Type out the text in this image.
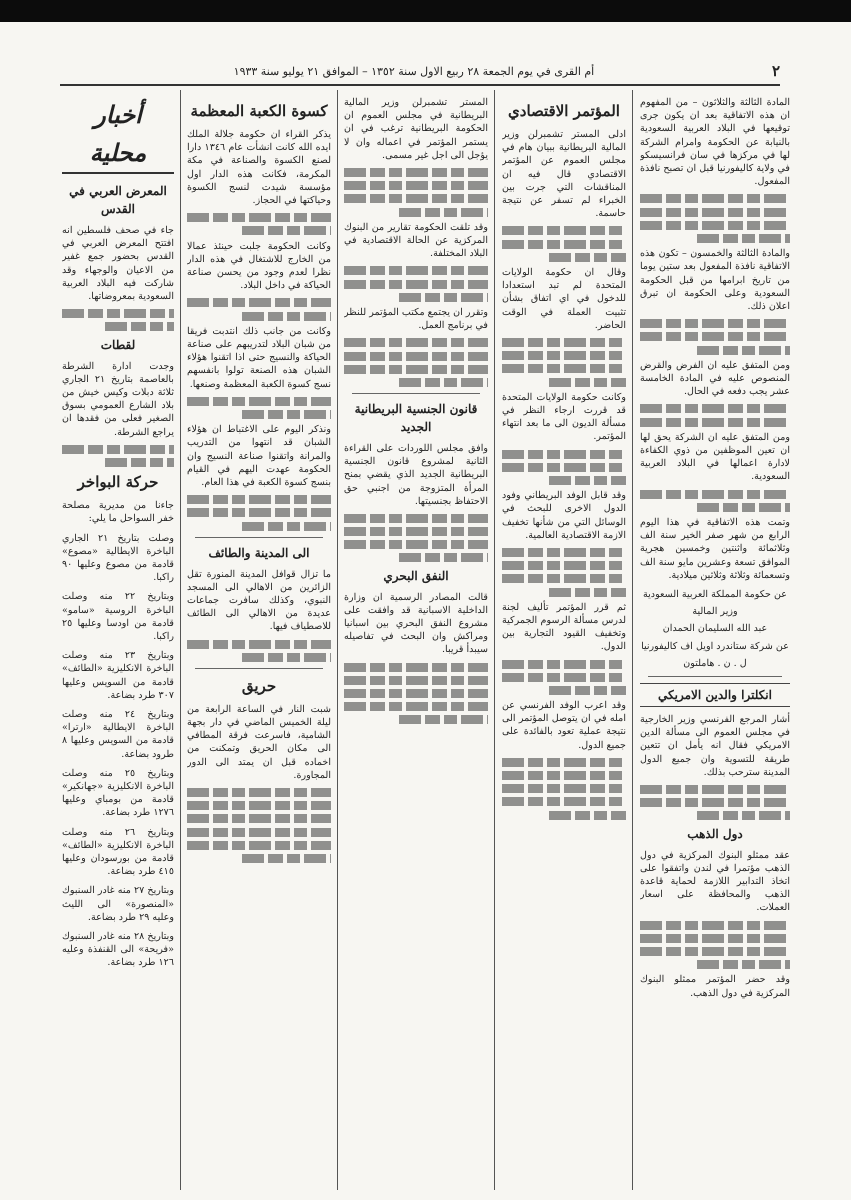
٢
أم القرى في يوم الجمعة ٢٨ ربيع الاول سنة ١٣٥٢ – الموافق ٢١ يوليو سنة ١٩٣٣

المادة الثالثة والثلاثون – من المفهوم ان هذه الاتفاقية بعد ان يكون جرى توقيعها في البلاد العربية السعودية بالنيابة عن الحكومة وامرام الشركة لها في مركزها في سان فرانسيسكو في ولاية كاليفورنيا قبل ان تصبح نافذة المفعول.

والمادة الثالثة والخمسون – تكون هذه الاتفاقية نافذة المفعول بعد ستين يوما من تاريخ ابرامها من قبل الحكومة السعودية وعلى الحكومة ان تبرق اعلان ذلك.

ومن المتفق عليه ان الفرض والقرض المنصوص عليه في المادة الخامسة عشر يجب دفعه في الحال.

ومن المتفق عليه ان الشركة يحق لها ان تعين الموظفين من ذوي الكفاءة لادارة اعمالها في البلاد العربية السعودية.

وتمت هذه الاتفاقية في هذا اليوم الرابع من شهر صفر الخير سنة الف وثلاثمائة واثنتين وخمسين هجرية الموافق تسعة وعشرين مايو سنة الف وتسعمائة وثلاثة وثلاثين ميلادية.

عن حكومة المملكة العربية السعودية
وزير المالية
عبد الله السليمان الحمدان
عن شركة ستاندرد اويل اف كاليفورنيا
ل . ن . هاملتون
انكلترا والدين الامريكي

أشار المرجع الفرنسي وزير الخارجية في مجلس العموم الى مسألة الدين الامريكي فقال انه يأمل ان تتعين طريقة للتسوية وان جميع الدول المدينة سترحب بذلك.

دول الذهب

عقد ممثلو البنوك المركزية في دول الذهب مؤتمرا في لندن واتفقوا على اتخاذ التدابير اللازمة لحماية قاعدة الذهب والمحافظة على اسعار العملات.

وقد حضر المؤتمر ممثلو البنوك المركزية في دول الذهب.

المؤتمر الاقتصادي

ادلى المستر تشمبرلن وزير المالية البريطانية ببيان هام في مجلس العموم عن المؤتمر الاقتصادي قال فيه ان المناقشات التي جرت بين الخبراء لم تسفر عن نتيجة حاسمة.

وقال ان حكومة الولايات المتحدة لم تبد استعدادا للدخول في اي اتفاق بشأن تثبيت العملة في الوقت الحاضر.

وكانت حكومة الولايات المتحدة قد قررت ارجاء النظر في مسألة الديون الى ما بعد انتهاء المؤتمر.

وقد قابل الوفد البريطاني وفود الدول الاخرى للبحث في الوسائل التي من شأنها تخفيف الازمة الاقتصادية العالمية.

ثم قرر المؤتمر تأليف لجنة لدرس مسألة الرسوم الجمركية وتخفيف القيود التجارية بين الدول.

وقد اعرب الوفد الفرنسي عن امله في ان يتوصل المؤتمر الى نتيجة عملية تعود بالفائدة على جميع الدول.

المستر تشمبرلن وزير المالية البريطانية في مجلس العموم ان الحكومة البريطانية ترغب في ان يستمر المؤتمر في اعماله وان لا يؤجل الى اجل غير مسمى.

وقد تلقت الحكومة تقارير من البنوك المركزية عن الحالة الاقتصادية في البلاد المختلفة.

وتقرر ان يجتمع مكتب المؤتمر للنظر في برنامج العمل.

قانون الجنسية البريطانية الجديد

وافق مجلس اللوردات على القراءة الثانية لمشروع قانون الجنسية البريطانية الجديد الذي يقضي بمنح المرأة المتزوجة من اجنبي حق الاحتفاظ بجنسيتها.

النفق البحري

قالت المصادر الرسمية ان وزارة الداخلية الاسبانية قد وافقت على مشروع النفق البحري بين اسبانيا ومراكش وان البحث في تفاصيله سيبدأ قريبا.

كسوة الكعبة المعظمة

يذكر القراء ان حكومة جلالة الملك ايده الله كانت انشأت عام ١٣٤٦ دارا لصنع الكسوة والصناعة في مكة المكرمة، فكانت هذه الدار اول مؤسسة شيدت لنسج الكسوة وحياكتها في الحجاز.

وكانت الحكومة جلبت حينئذ عمالا من الخارج للاشتغال في هذه الدار نظرا لعدم وجود من يحسن صناعة الحياكة في داخل البلاد.

وكانت من جانب ذلك انتدبت فريقا من شبان البلاد لتدريبهم على صناعة الحياكة والنسيج حتى اذا اتقنوا هؤلاء الشبان هذه الصنعة تولوا بانفسهم نسج كسوة الكعبة المعظمة وصنعها.

ونذكر اليوم على الاغتباط ان هؤلاء الشبان قد انتهوا من التدريب والمرانة واتقنوا صناعة النسيج وان الحكومة عهدت اليهم في القيام بنسج كسوة الكعبة في هذا العام.

الى المدينة والطائف

ما تزال قوافل المدينة المنورة تقل الزائرين من الاهالي الى المسجد النبوي، وكذلك سافرت جماعات عديدة من الاهالي الى الطائف للاصطياف فيها.

حريق

شبت النار في الساعة الرابعة من ليلة الخميس الماضي في دار بجهة الشامية، فاسرعت فرقة المطافي الى مكان الحريق وتمكنت من اخماده قبل ان يمتد الى الدور المجاورة.

أخبار محلية
المعرض العربي في القدس

جاء في صحف فلسطين انه افتتح المعرض العربي في القدس بحضور جمع غفير من الاعيان والوجهاء وقد شاركت فيه البلاد العربية السعودية بمعروضاتها.

لقطات

وجدت ادارة الشرطة بالعاصمة بتاريخ ٢١ الجاري ثلاثة دبلات وكيس خيش من بلاد الشارع العمومي بسوق الصغير فعلى من فقدها ان يراجع الشرطة.

حركة البواخر

جاءنا من مديرية مصلحة خفر السواحل ما يلي:

وصلت بتاريخ ٢١ الجاري الباخرة الايطالية «مصوع» قادمة من مصوع وعليها ٩٠ راكبا.

وبتاريخ ٢٢ منه وصلت الباخرة الروسية «سامو» قادمة من اودسا وعليها ٢٥ راكبا.

وبتاريخ ٢٣ منه وصلت الباخرة الانكليزية «الطائف» قادمة من السويس وعليها ٣٠٧ طرد بضاعة.

وبتاريخ ٢٤ منه وصلت الباخرة الايطالية «ارترا» قادمة من السويس وعليها ٨ طرود بضاعة.

وبتاريخ ٢٥ منه وصلت الباخرة الانكليزية «جهانكير» قادمة من بومباي وعليها ١٢٧٦ طرد بضاعة.

وبتاريخ ٢٦ منه وصلت الباخرة الانكليزية «الطائف» قادمة من بورسودان وعليها ٤١٥ طرد بضاعة.

وبتاريخ ٢٧ منه غادر السنبوك «المنصورة» الى الليث وعليه ٢٩ طرد بضاعة.

وبتاريخ ٢٨ منه غادر السنبوك «فريحة» الى القنفذة وعليه ١٢٦ طرد بضاعة.
